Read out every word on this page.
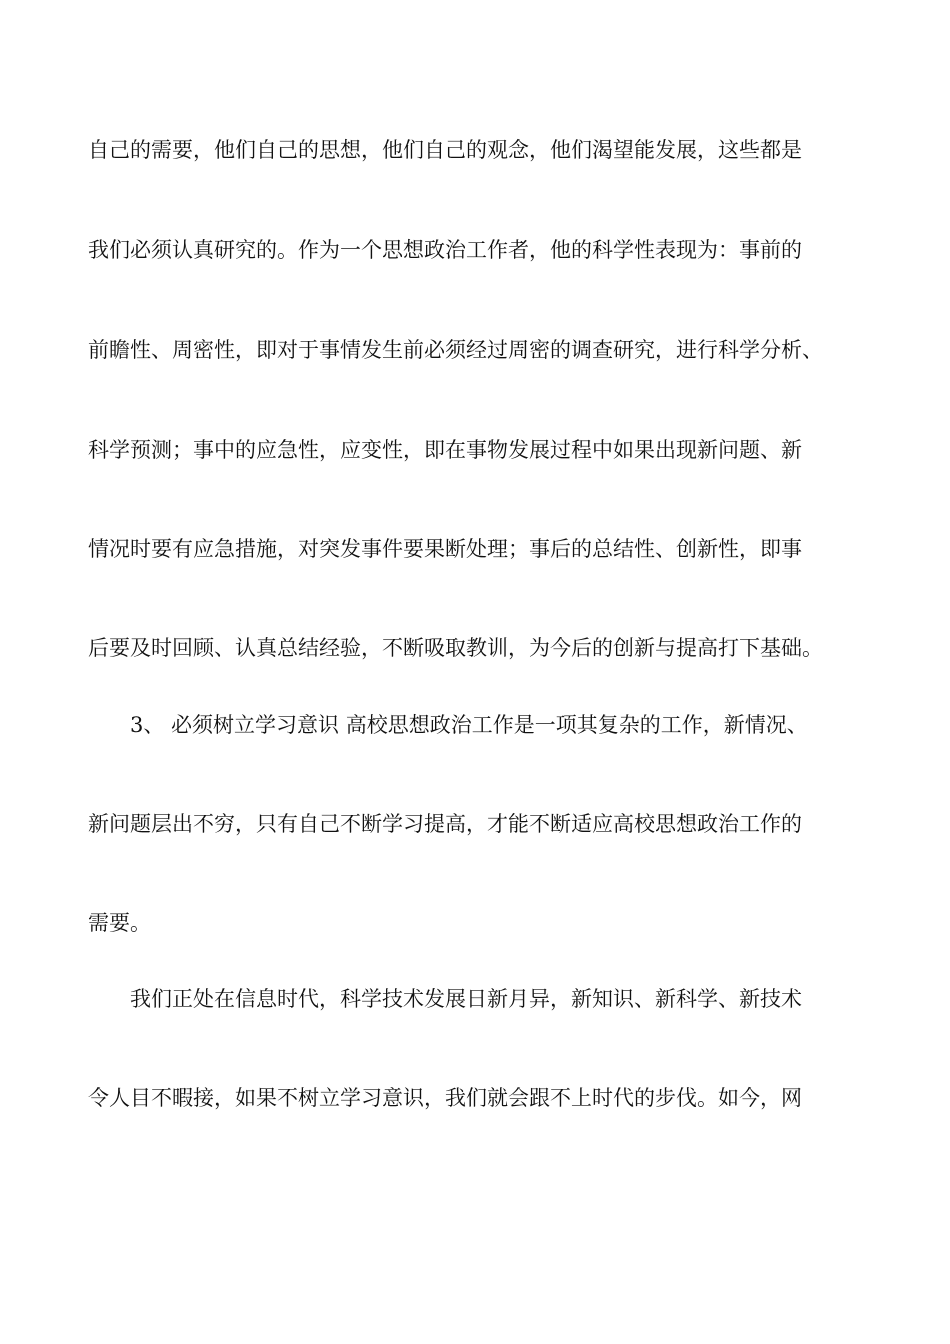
自己的需要，他们自己的思想，他们自己的观念，他们渴望能发展，这些都是
我们必须认真研究的。作为一个思想政治工作者，他的科学性表现为：事前的
前瞻性、周密性，即对于事情发生前必须经过周密的调查研究，进行科学分析、
科学预测；事中的应急性，应变性，即在事物发展过程中如果出现新问题、新
情况时要有应急措施，对突发事件要果断处理；事后的总结性、创新性，即事
后要及时回顾、认真总结经验，不断吸取教训，为今后的创新与提高打下基础。
3、 必须树立学习意识 高校思想政治工作是一项其复杂的工作，新情况、
新问题层出不穷，只有自己不断学习提高，才能不断适应高校思想政治工作的
需要。
我们正处在信息时代，科学技术发展日新月异，新知识、新科学、新技术
令人目不暇接，如果不树立学习意识，我们就会跟不上时代的步伐。如今，网
